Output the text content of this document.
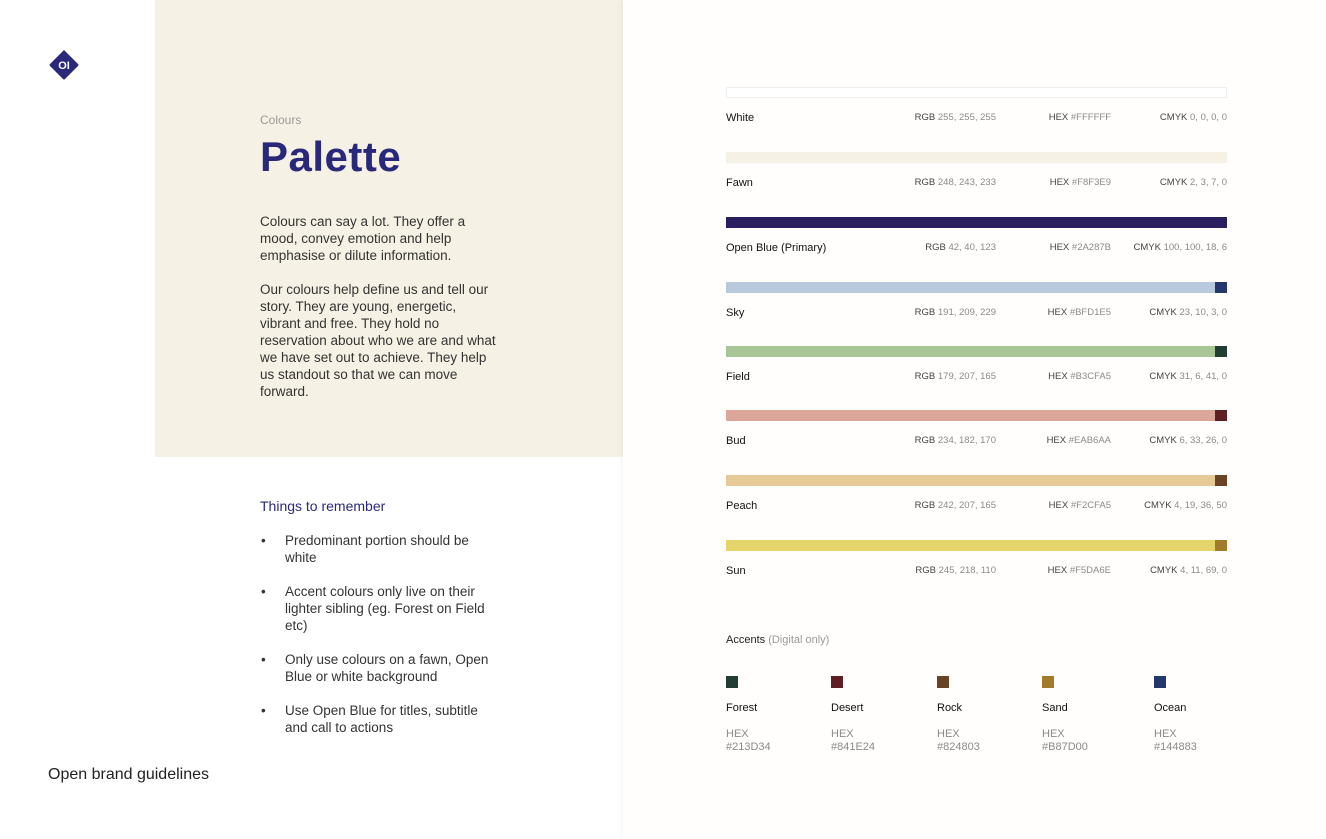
OI
Colours
Palette

Colours can say a lot. They offer a mood, convey emotion and help emphasise or dilute information.

Our colours help define us and tell our story. They are young, energetic, vibrant and free. They hold no reservation about who we are and what we have set out to achieve. They help us standout so that we can move forward.

Things to remember
• Predominant portion should be white
• Accent colours only live on their lighter sibling (eg. Forest on Field etc)
• Only use colours on a fawn, Open Blue or white background
• Use Open Blue for titles, subtitle and call to actions
Open brand guidelines
White	RGB 255, 255, 255	HEX #FFFFFF	CMYK 0, 0, 0, 0
Fawn	RGB 248, 243, 233	HEX #F8F3E9	CMYK 2, 3, 7, 0
Open Blue (Primary)	RGB 42, 40, 123	HEX #2A287B CMYK 100, 100, 18, 6
Sky	RGB 191, 209, 229	HEX #BFD1E5	CMYK 23, 10, 3, 0
Field	RGB 179, 207, 165	HEX #B3CFA5	CMYK 31, 6, 41, 0
Bud	RGB 234, 182, 170	HEX #EAB6AA	CMYK 6, 33, 26, 0
Peach	RGB 242, 207, 165	HEX #F2CFA5	CMYK 4, 19, 36, 50
Sun	RGB 245, 218, 110	HEX #F5DA6E	CMYK 4, 11, 69, 0
Accents (Digital only)
Forest
HEX
#213D34
Desert
HEX
#841E24
Rock
HEX
#824803
Sand
HEX
#B87D00
Ocean
HEX
#144883
